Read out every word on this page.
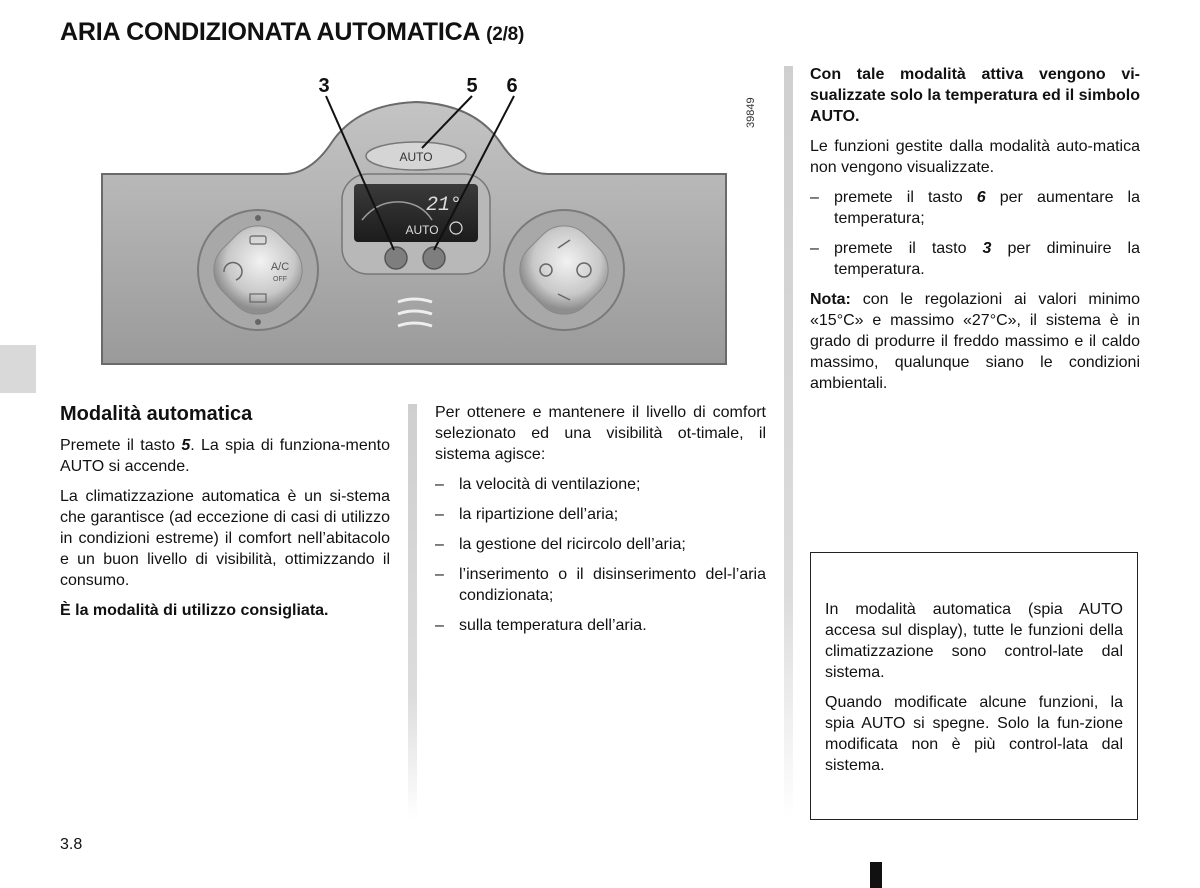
ARIA CONDIZIONATA AUTOMATICA (2/8)
AUTO
21°
AUTO
A/C
OFF
3	5 6
39849
Modalità automatica

Premete il tasto 5. La spia di funziona-mento AUTO si accende.

La climatizzazione automatica è un si-stema che garantisce (ad eccezione di casi di utilizzo in condizioni estreme) il comfort nell’abitacolo e un buon livello di visibilità, ottimizzando il consumo.

È la modalità di utilizzo consigliata.

Per ottenere e mantenere il livello di comfort selezionato ed una visibilità ot-timale, il sistema agisce:

– la velocità di ventilazione;
– la ripartizione dell’aria;
– la gestione del ricircolo dell’aria;
– l’inserimento o il disinserimento del-l’aria condizionata;
– sulla temperatura dell’aria.

Con tale modalità attiva vengono vi-sualizzate solo la temperatura ed il simbolo AUTO.

Le funzioni gestite dalla modalità auto-matica non vengono visualizzate.

– premete il tasto 6 per aumentare la temperatura;
– premete il tasto 3 per diminuire la temperatura.

Nota: con le regolazioni ai valori minimo «15°C» e massimo «27°C», il sistema è in grado di produrre il freddo massimo e il caldo massimo, qualunque siano le condizioni ambientali.

In modalità automatica (spia AUTO accesa sul display), tutte le funzioni della climatizzazione sono control-late dal sistema.

Quando modificate alcune funzioni, la spia AUTO si spegne. Solo la fun-zione modificata non è più control-lata dal sistema.

3.8
